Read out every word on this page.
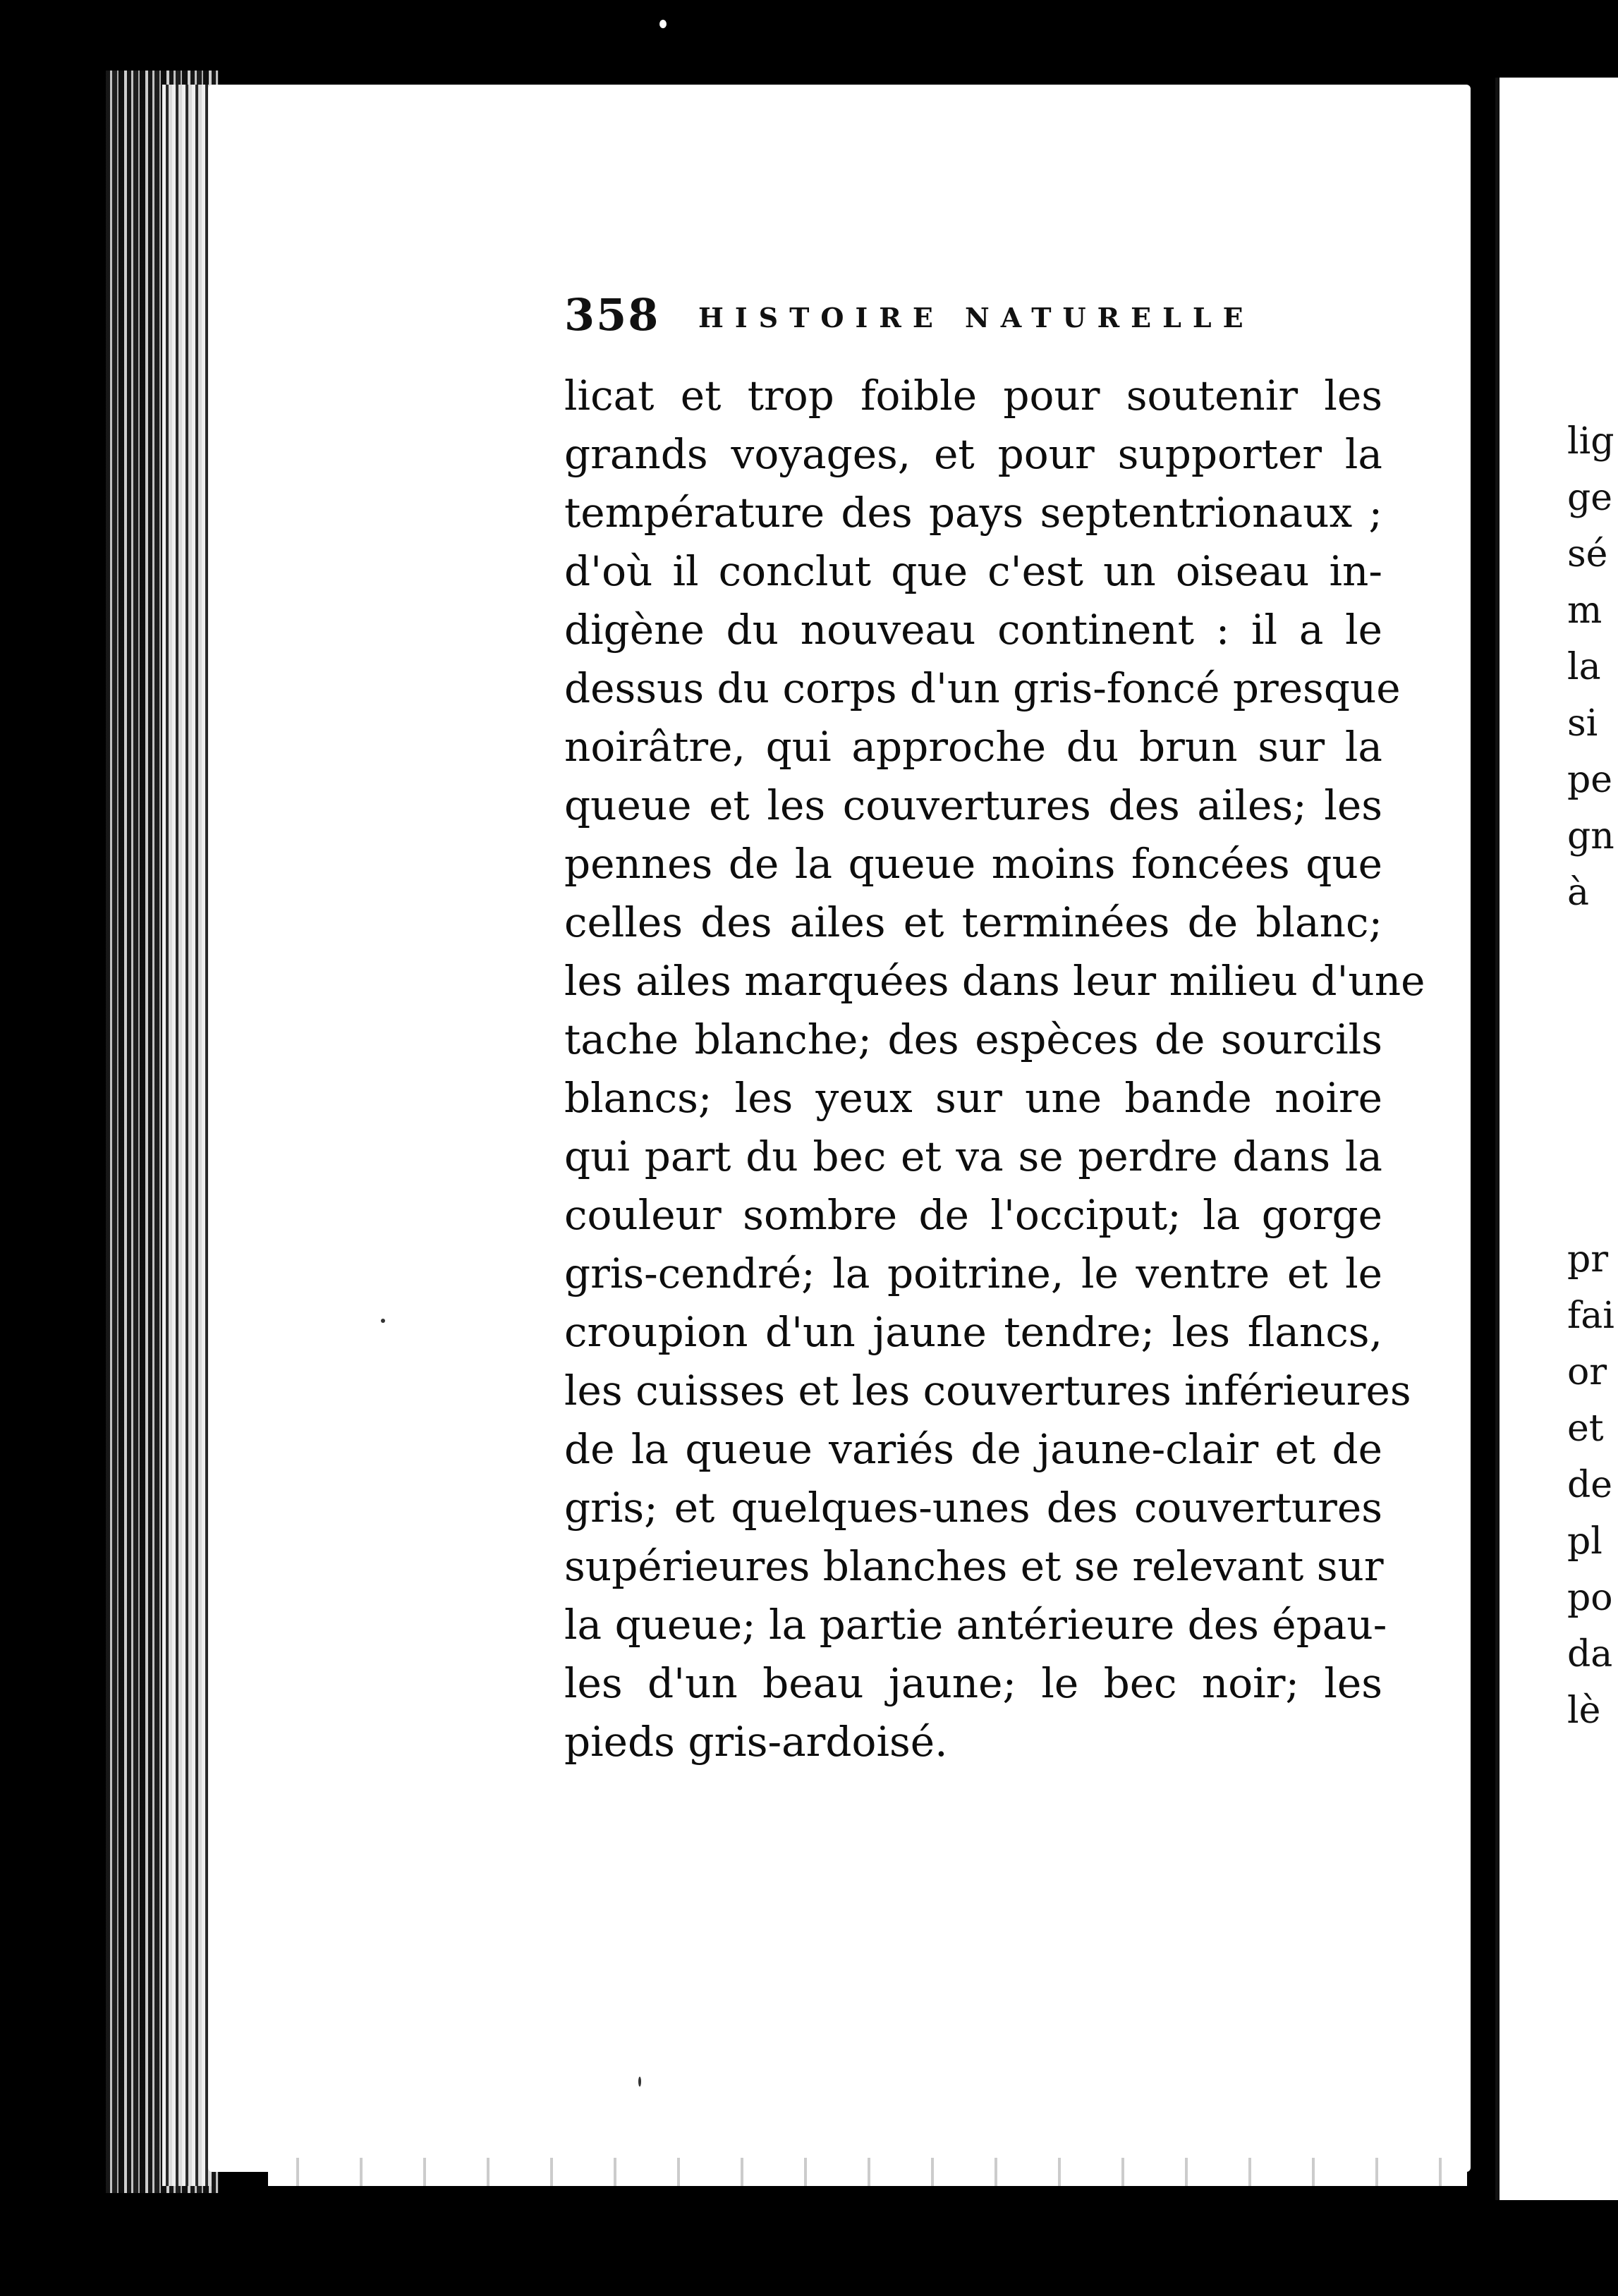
358 HISTOIRE NATURELLE
licat et trop foible pour soutenir les
grands voyages, et pour supporter la
température des pays septentrionaux ;
d'où il conclut que c'est un oiseau in-
digène du nouveau continent : il a le
dessus du corps d'un gris-foncé presque
noirâtre, qui approche du brun sur la
queue et les couvertures des ailes; les
pennes de la queue moins foncées que
celles des ailes et terminées de blanc;
les ailes marquées dans leur milieu d'une
tache blanche; des espèces de sourcils
blancs; les yeux sur une bande noire
qui part du bec et va se perdre dans la
couleur sombre de l'occiput; la gorge
gris-cendré; la poitrine, le ventre et le
croupion d'un jaune tendre; les flancs,
les cuisses et les couvertures inférieures
de la queue variés de jaune-clair et de
gris; et quelques-unes des couvertures
supérieures blanches et se relevant sur
la queue; la partie antérieure des épau-
les d'un beau jaune; le bec noir; les
pieds gris-ardoisé.
lig
ge
sé
m
la
si
pe
gn
à
pr
fai
or
et
de
pl
po
da
lè
